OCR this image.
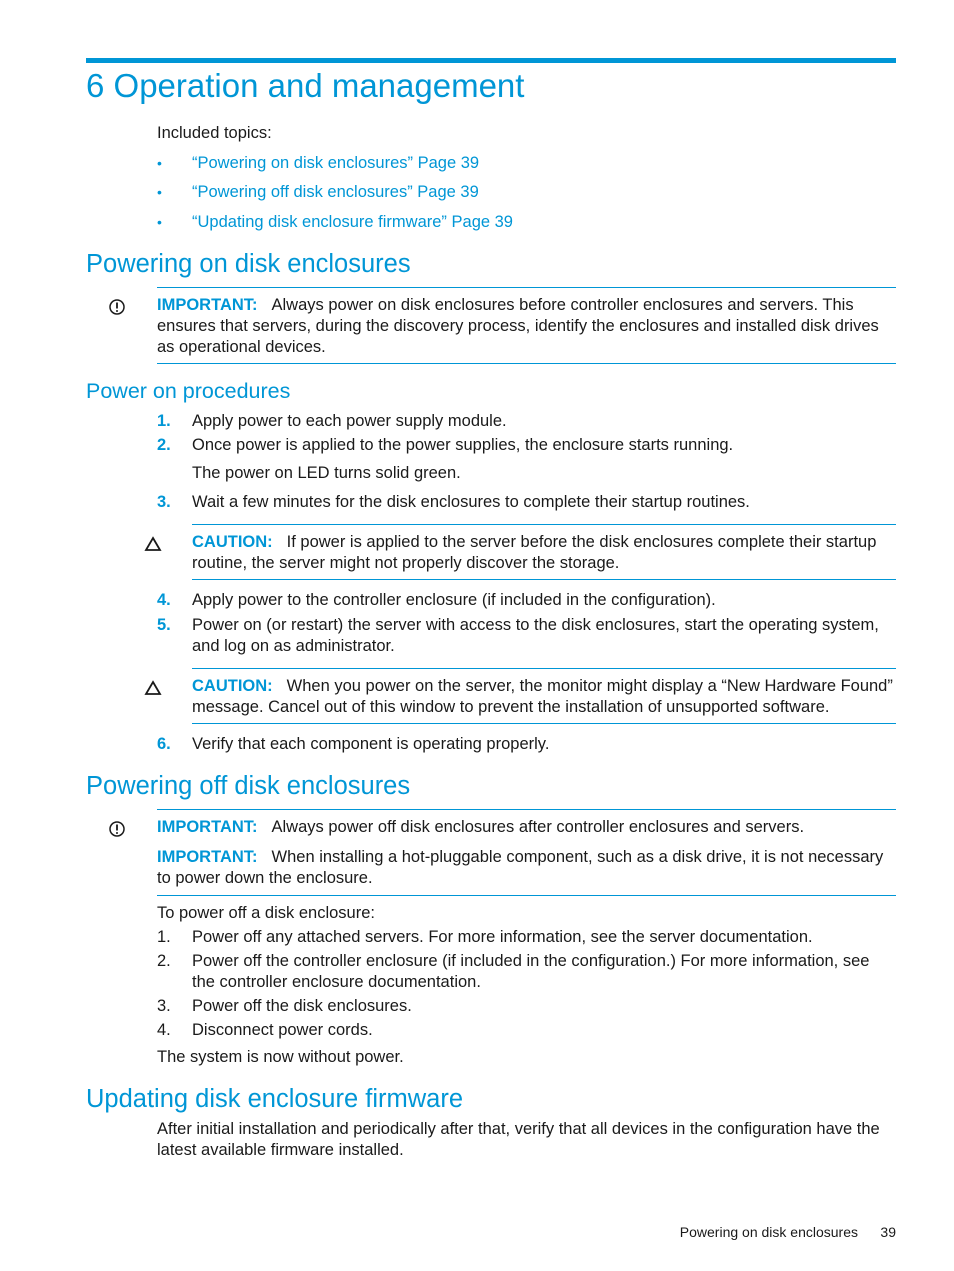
6 Operation and management
Included topics:
• “Powering on disk enclosures” Page 39
• “Powering off disk enclosures” Page 39
• “Updating disk enclosure firmware” Page 39
Powering on disk enclosures
IMPORTANT: Always power on disk enclosures before controller enclosures and servers. This ensures that servers, during the discovery process, identify the enclosures and installed disk drives as operational devices.
Power on procedures
1. Apply power to each power supply module.
2. Once power is applied to the power supplies, the enclosure starts running.
The power on LED turns solid green.
3. Wait a few minutes for the disk enclosures to complete their startup routines.
CAUTION: If power is applied to the server before the disk enclosures complete their startup routine, the server might not properly discover the storage.
4. Apply power to the controller enclosure (if included in the configuration).
5. Power on (or restart) the server with access to the disk enclosures, start the operating system, and log on as administrator.
CAUTION: When you power on the server, the monitor might display a “New Hardware Found” message. Cancel out of this window to prevent the installation of unsupported software.
6. Verify that each component is operating properly.
Powering off disk enclosures
IMPORTANT: Always power off disk enclosures after controller enclosures and servers.
IMPORTANT: When installing a hot-pluggable component, such as a disk drive, it is not necessary to power down the enclosure.
To power off a disk enclosure:
1. Power off any attached servers. For more information, see the server documentation.
2. Power off the controller enclosure (if included in the configuration.) For more information, see the controller enclosure documentation.
3. Power off the disk enclosures.
4. Disconnect power cords.
The system is now without power.
Updating disk enclosure firmware
After initial installation and periodically after that, verify that all devices in the configuration have the latest available firmware installed.
Powering on disk enclosures 39
